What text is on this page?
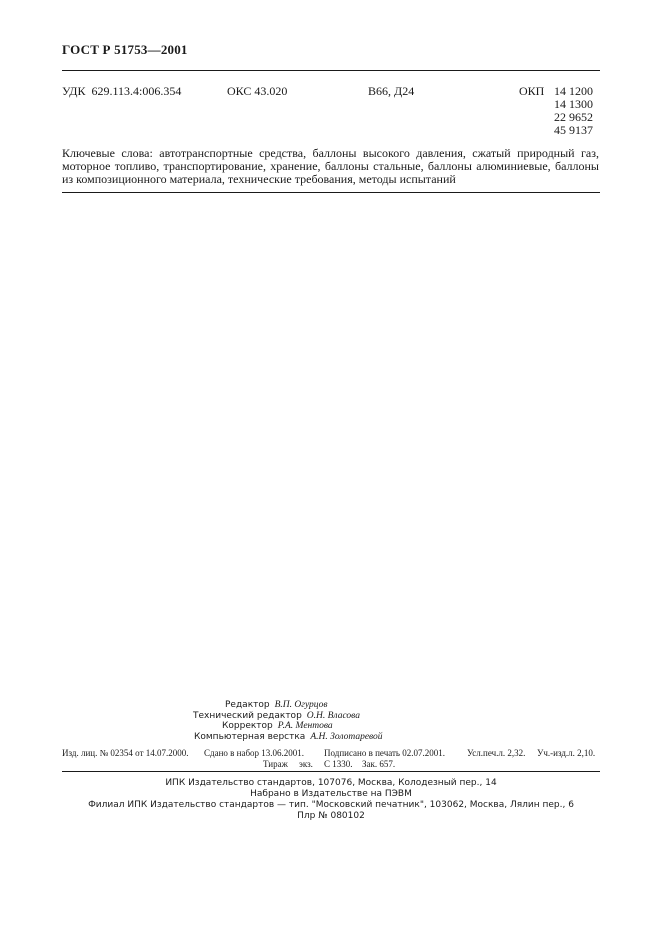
ГОСТ Р 51753—2001
УДК  629.113.4:006.354	ОКС 43.020	В66, Д24	ОКП 14 1200
14 1300
22 9652
45 9137
Ключевые слова: автотранспортные средства, баллоны высокого давления, сжатый природный газ, моторное топливо, транспортирование, хранение, баллоны стальные, баллоны алюминиевые, баллоны из композиционного материала, технические требования, методы испытаний
Редактор В.П. Огурцов
Технический редактор О.Н. Власова
Корректор Р.А. Ментова
Компьютерная верстка А.Н. Золотаревой
Изд. лиц. № 02354 от 14.07.2000. Сдано в набор 13.06.2001. Подписано в печать 02.07.2001. Усл.печ.л. 2,32. Уч.-изд.л. 2,10.
Тираж экз. С 1330. Зак. 657.
ИПК Издательство стандартов, 107076, Москва, Колодезный пер., 14
Набрано в Издательстве на ПЭВМ
Филиал ИПК Издательство стандартов — тип. "Московский печатник", 103062, Москва, Лялин пер., 6
Плр № 080102
